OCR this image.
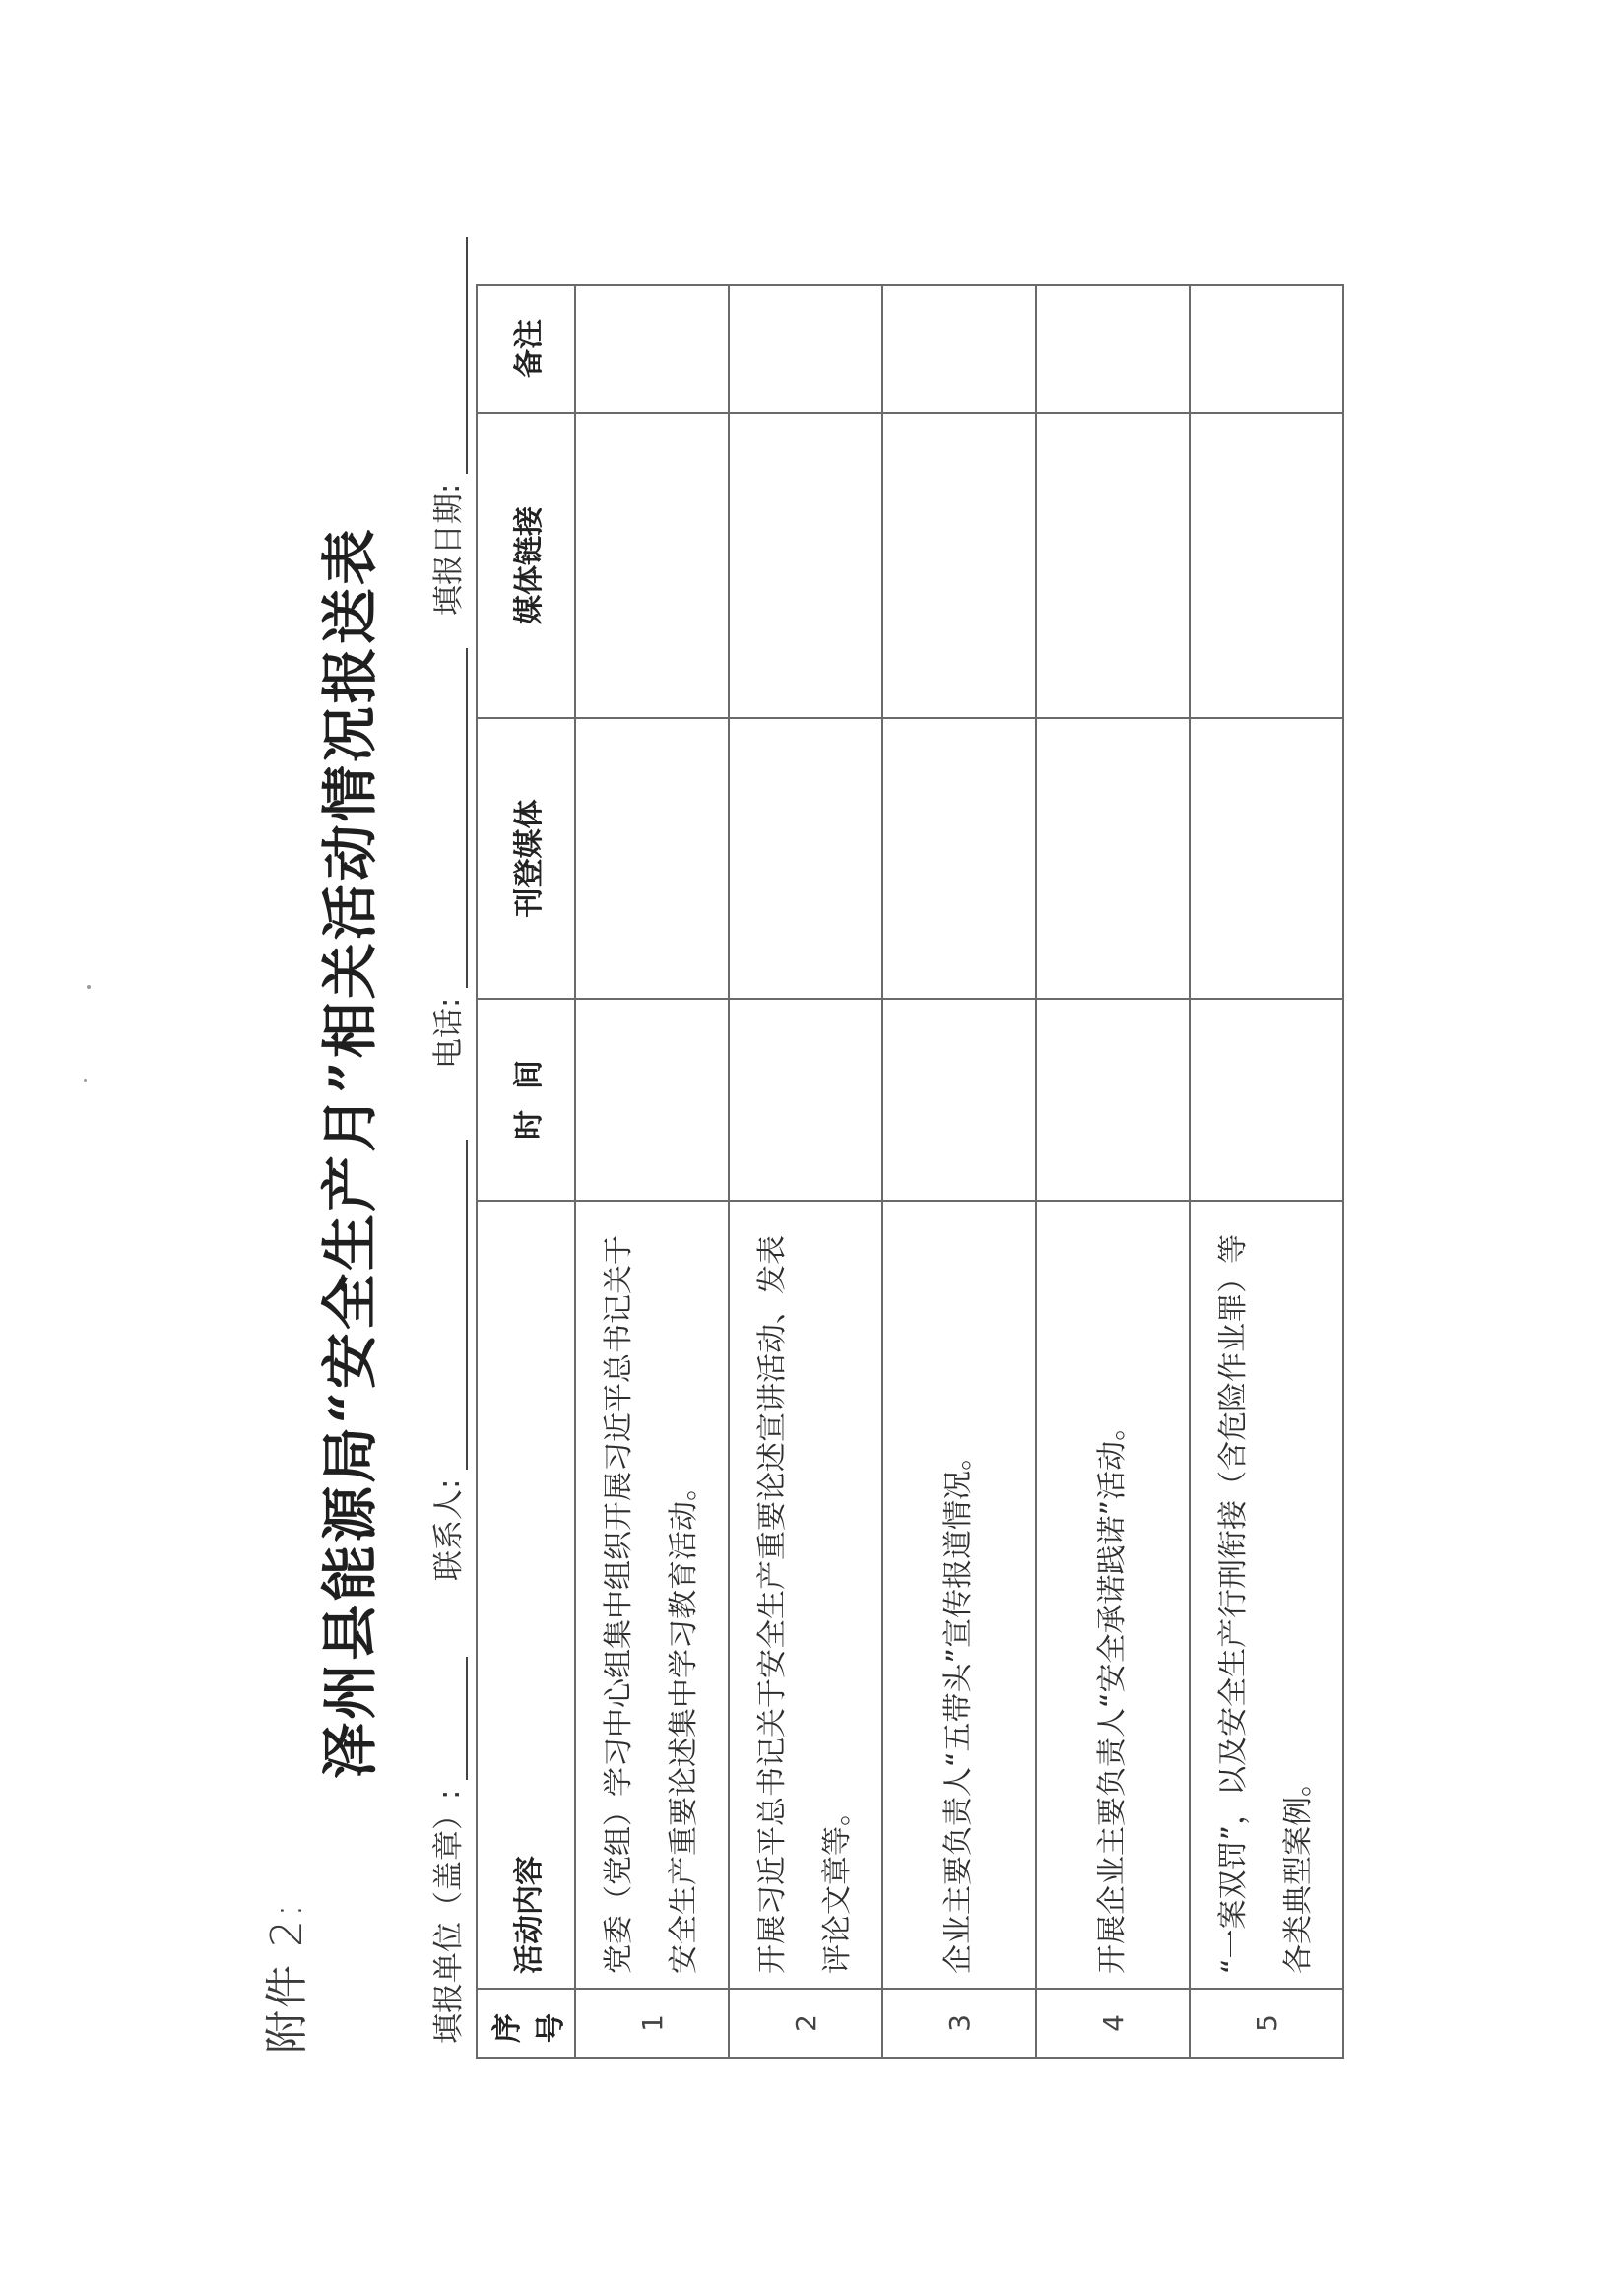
附件 2:
泽州县能源局“安全生产月”相关活动情况报送表
填报单位（盖章）:
联系人:
电话:
填报日期:
序号	活动内容	时  间	刊登媒体	媒体链接	备注
1	党委（党组）学习中心组集中组织开展习近平总书记关于安全生产重要论述集中学习教育活动。				
2	开展习近平总书记关于安全生产重要论述宣讲活动、发表评论文章等。				
3	企业主要负责人“五带头”宣传报道情况。				
4	开展企业主要负责人“安全承诺践诺”活动。				
5	“一案双罚”，以及安全生产行刑衔接（含危险作业罪）等各类典型案例。				
